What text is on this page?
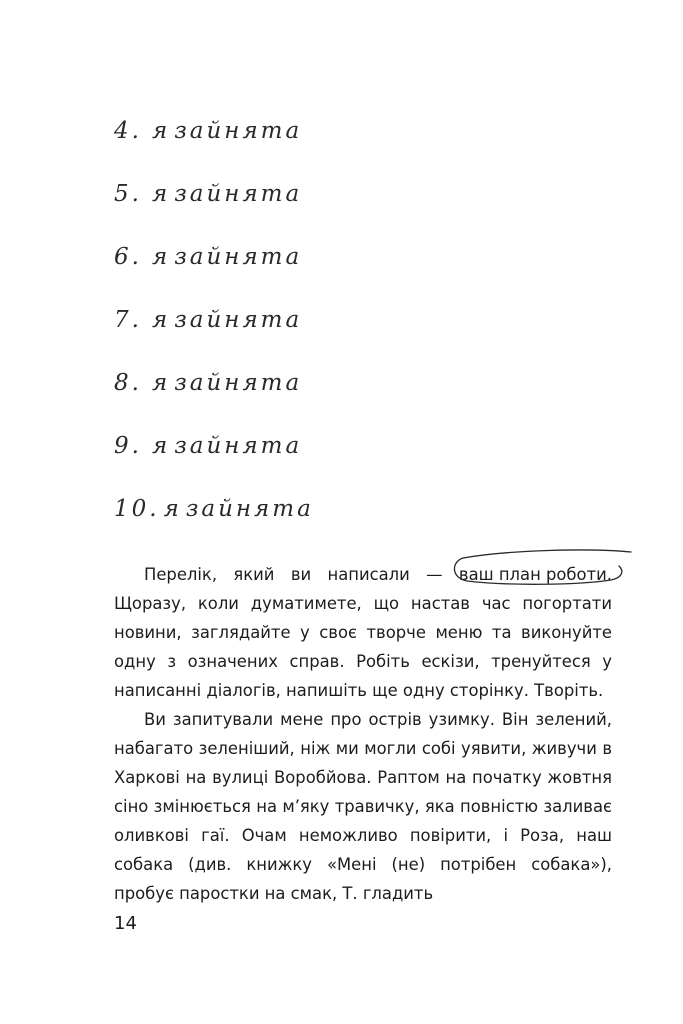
4. я зайнята
5. я зайнята
6. я зайнята
7. я зайнята
8. я зайнята
9. я зайнята
10. я зайнята

Перелік, який ви написали — ваш план роботи
. Щоразу, коли думатимете, що настав час погортати новини, заглядайте у своє творче меню та виконуйте одну з означених справ. Робіть ескізи, тренуйтеся у написанні діалогів, напишіть ще одну сторінку. Творіть.

Ви запитували мене про острів узимку. Він зелений, набагато зеленіший, ніж ми могли собі уявити, живучи в Харкові на вулиці Воробйова. Раптом на початку жовтня сіно змінюється на м’яку травичку, яка повністю заливає оливкові гаї. Очам неможливо повірити, і Роза, наш собака (див. книжку «Мені (не) потрібен собака»), пробує паростки на смак, Т. гладить

14
